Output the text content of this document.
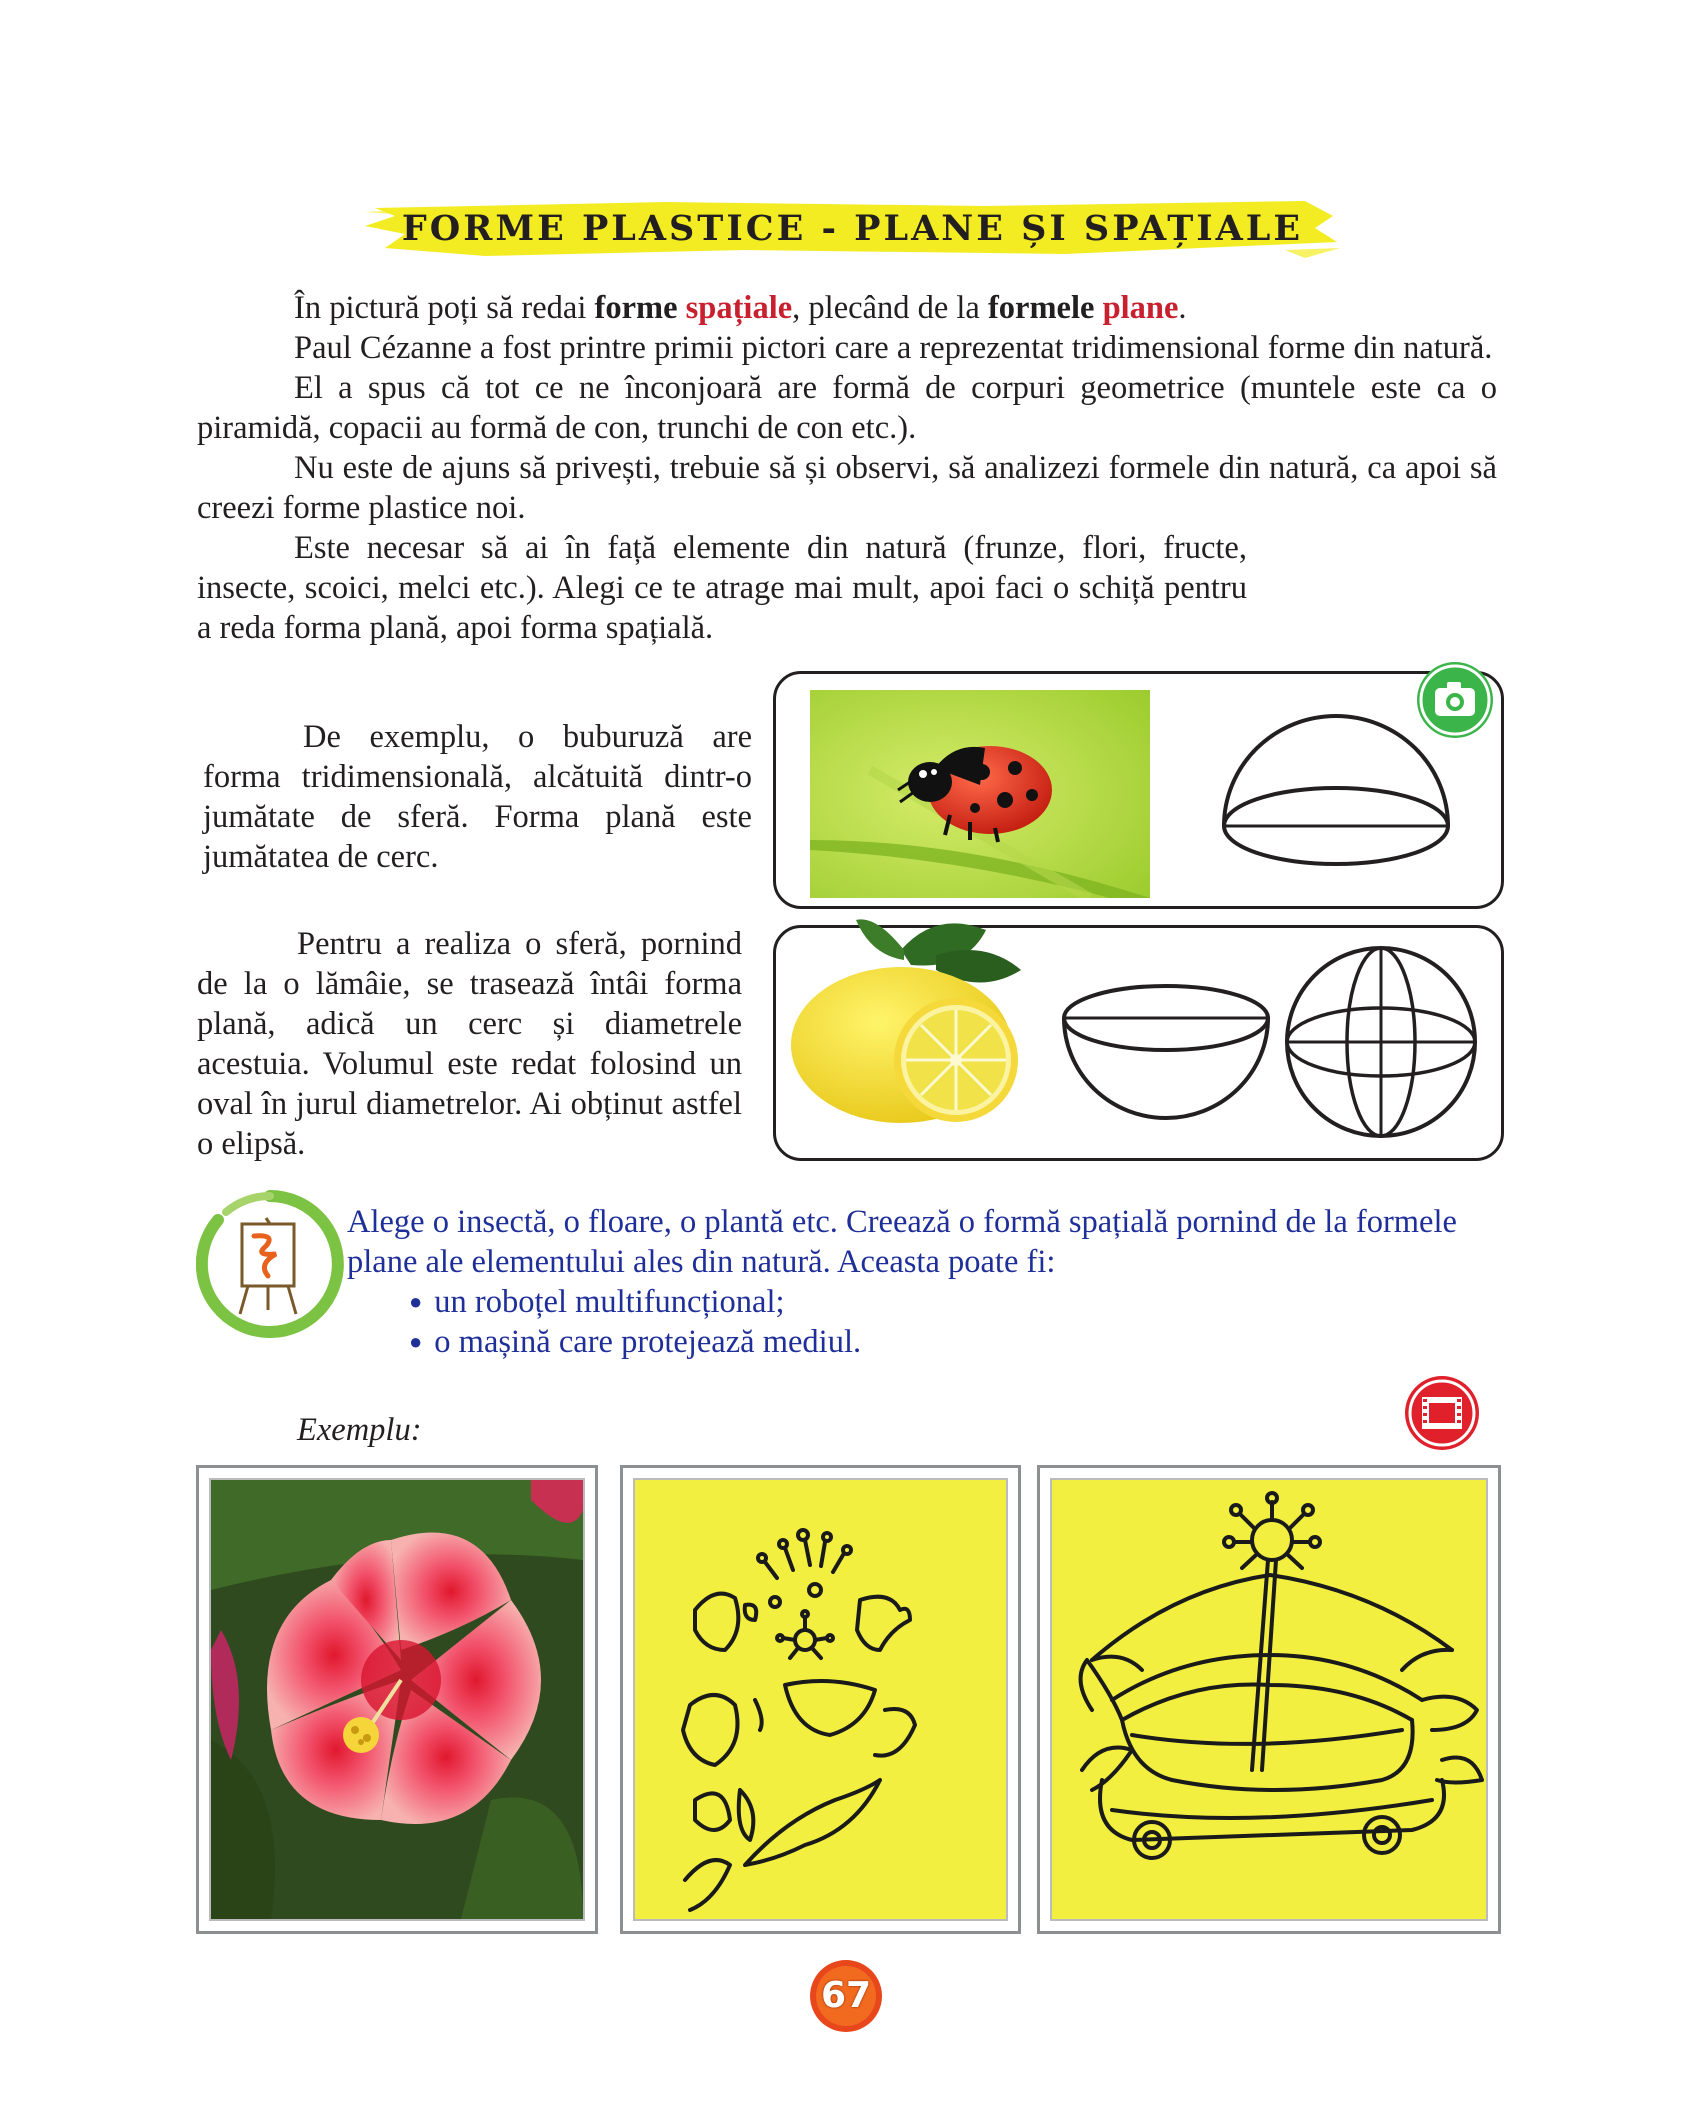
FORME PLASTICE - PLANE ȘI SPAȚIALE

În pictură poți să redai forme spațiale, plecând de la formele plane.

Paul Cézanne a fost printre primii pictori care a reprezentat tridimensional forme din natură.

El a spus că tot ce ne înconjoară are formă de corpuri geometrice (muntele este ca o piramidă, copacii au formă de con, trunchi de con etc.).

Nu este de ajuns să privești, trebuie să și observi, să analizezi formele din natură, ca apoi să creezi forme plastice noi.

Este necesar să ai în față elemente din natură (frunze, flori, fructe, insecte, scoici, melci etc.). Alegi ce te atrage mai mult, apoi faci o schiță pentru a reda forma plană, apoi forma spațială.

De exemplu, o buburuză are forma tridimensională, alcătuită dintr-o jumătate de sferă. Forma plană este jumătatea de cerc.

Pentru a realiza o sferă, pornind de la o lămâie, se trasează întâi forma plană, adică un cerc și diametrele acestuia. Volumul este redat folosind un oval în jurul diametrelor. Ai obținut astfel o elipsă.

Alege o insectă, o floare, o plantă etc. Creează o formă spațială pornind de la formele plane ale elementului ales din natură. Aceasta poate fi:

● un roboțel multifuncțional;
● o mașină care protejează mediul.
Exemplu:
67
